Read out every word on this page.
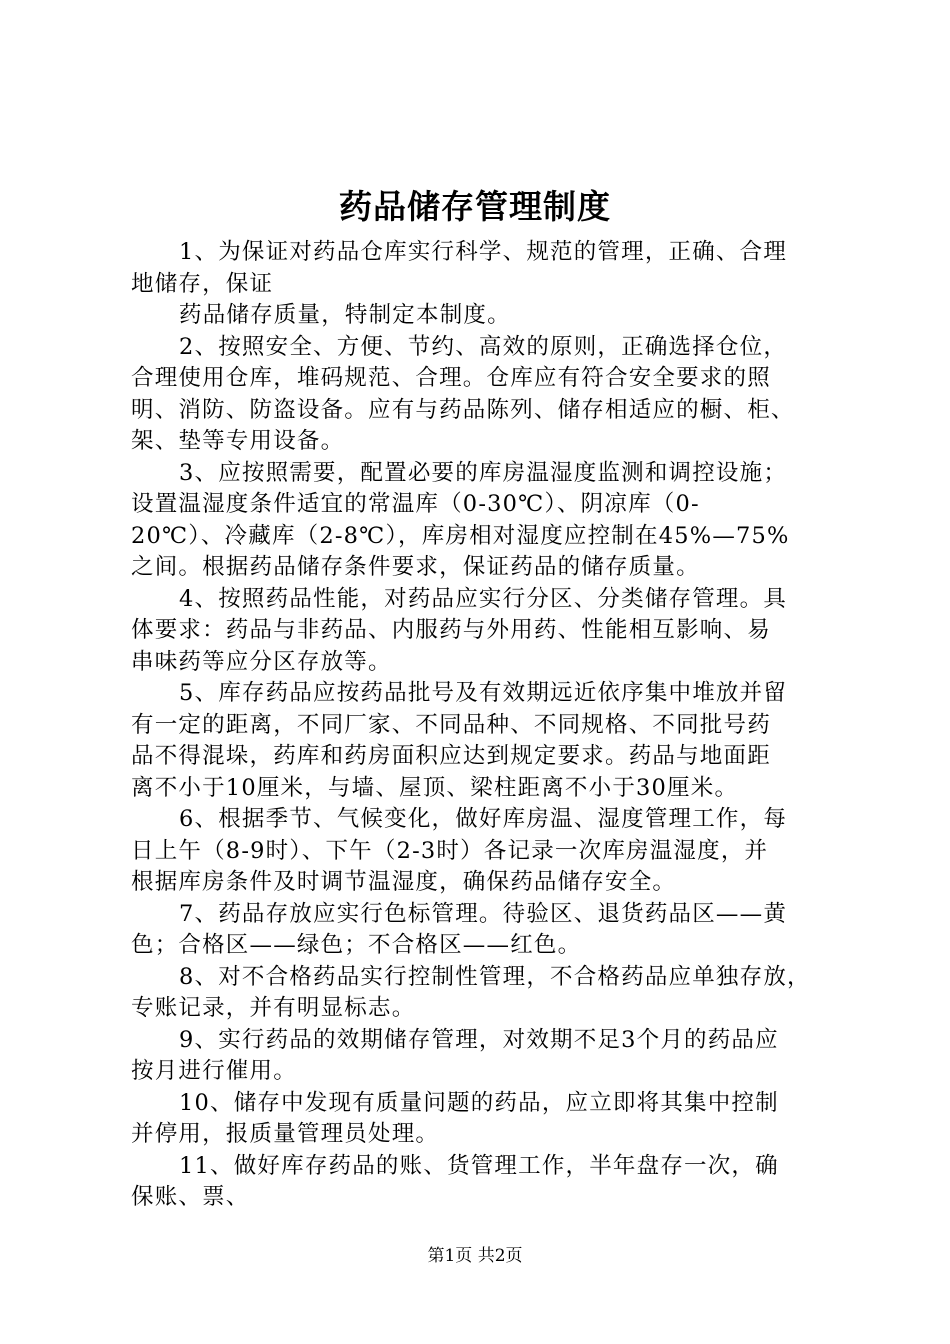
药品储存管理制度
1、为保证对药品仓库实行科学、规范的管理，正确、合理
地储存，保证
药品储存质量，特制定本制度。
2、按照安全、方便、节约、高效的原则，正确选择仓位，
合理使用仓库，堆码规范、合理。仓库应有符合安全要求的照
明、消防、防盗设备。应有与药品陈列、储存相适应的橱、柜、
架、垫等专用设备。
3、应按照需要，配置必要的库房温湿度监测和调控设施；
设置温湿度条件适宜的常温库（0-30℃）、阴凉库（0-
20℃）、冷藏库（2-8℃），库房相对湿度应控制在45%—75%
之间。根据药品储存条件要求，保证药品的储存质量。
4、按照药品性能，对药品应实行分区、分类储存管理。具
体要求：药品与非药品、内服药与外用药、性能相互影响、易
串味药等应分区存放等。
5、库存药品应按药品批号及有效期远近依序集中堆放并留
有一定的距离，不同厂家、不同品种、不同规格、不同批号药
品不得混垛，药库和药房面积应达到规定要求。药品与地面距
离不小于10厘米，与墙、屋顶、梁柱距离不小于30厘米。
6、根据季节、气候变化，做好库房温、湿度管理工作，每
日上午（8-9时）、下午（2-3时）各记录一次库房温湿度，并
根据库房条件及时调节温湿度，确保药品储存安全。
7、药品存放应实行色标管理。待验区、退货药品区——黄
色；合格区——绿色；不合格区——红色。
8、对不合格药品实行控制性管理，不合格药品应单独存放，
专账记录，并有明显标志。
9、实行药品的效期储存管理，对效期不足3个月的药品应
按月进行催用。
10、储存中发现有质量问题的药品，应立即将其集中控制
并停用，报质量管理员处理。
11、做好库存药品的账、货管理工作，半年盘存一次，确
保账、票、
第1页 共2页
